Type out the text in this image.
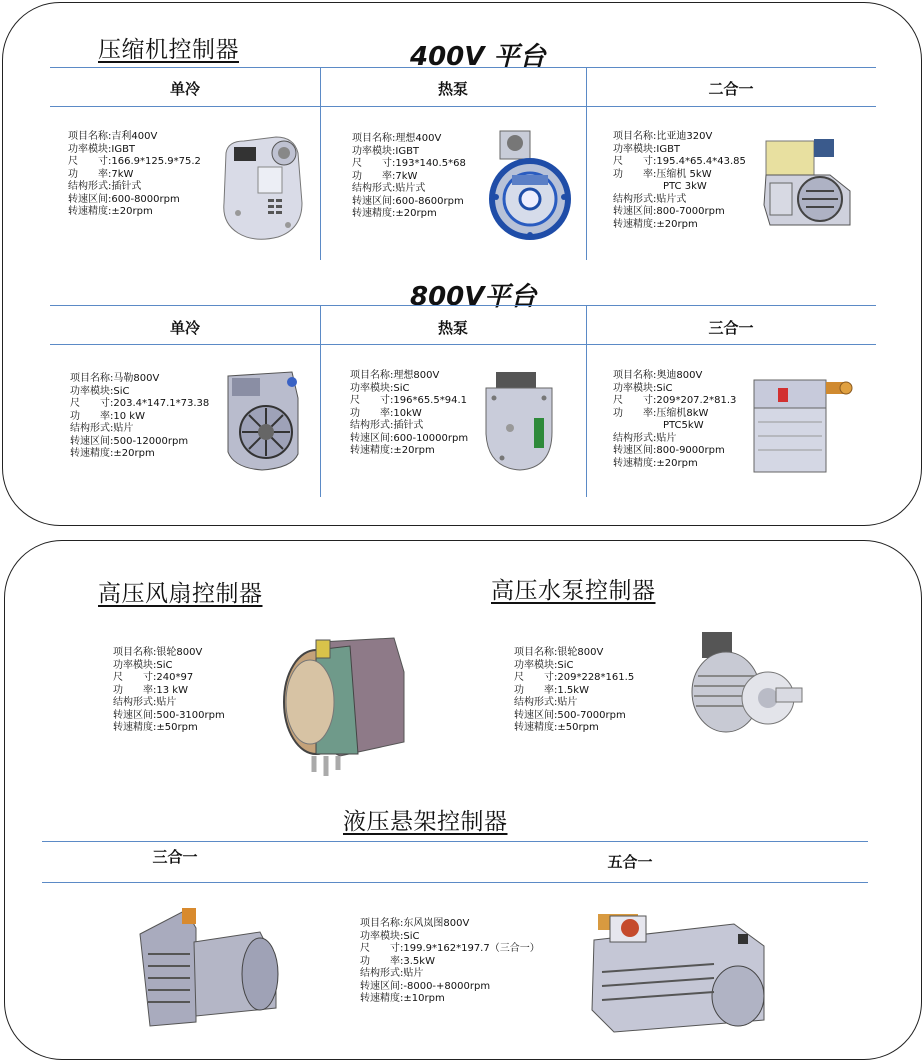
压缩机控制器	400V 平台
单冷	热泵	二合一
项目名称:吉利400V
功率模块:IGBT
尺　　寸:166.9*125.9*75.2
功　　率:7kW
结构形式:插针式
转速区间:600-8000rpm
转速精度:±20rpm
项目名称:理想400V
功率模块:IGBT
尺　　寸:193*140.5*68
功　　率:7kW
结构形式:贴片式
转速区间:600-8600rpm
转速精度:±20rpm
项目名称:比亚迪320V
功率模块:IGBT
尺　　寸:195.4*65.4*43.85
功　　率:压缩机 5kW
PTC 3kW
结构形式:贴片式
转速区间:800-7000rpm
转速精度:±20rpm
800V平台
单冷	热泵	三合一
项目名称:马勒800V
功率模块:SiC
尺　　寸:203.4*147.1*73.38
功　　率:10 kW
结构形式:贴片
转速区间:500-12000rpm
转速精度:±20rpm
项目名称:理想800V
功率模块:SiC
尺　　寸:196*65.5*94.1
功　　率:10kW
结构形式:插针式
转速区间:600-10000rpm
转速精度:±20rpm
项目名称:奥迪800V
功率模块:SiC
尺　　寸:209*207.2*81.3
功　　率:压缩机8kW
PTC5kW
结构形式:贴片
转速区间:800-9000rpm
转速精度:±20rpm
高压风扇控制器	高压水泵控制器
项目名称:银轮800V
功率模块:SiC
尺　　寸:240*97
功　　率:13 kW
结构形式:贴片
转速区间:500-3100rpm
转速精度:±50rpm
项目名称:银轮800V
功率模块:SiC
尺　　寸:209*228*161.5
功　　率:1.5kW
结构形式:贴片
转速区间:500-7000rpm
转速精度:±50rpm
液压悬架控制器
三合一	五合一
项目名称:东风岚图800V
功率模块:SiC
尺　　寸:199.9*162*197.7（三合一）
功　　率:3.5kW
结构形式:贴片
转速区间:-8000-+8000rpm
转速精度:±10rpm
